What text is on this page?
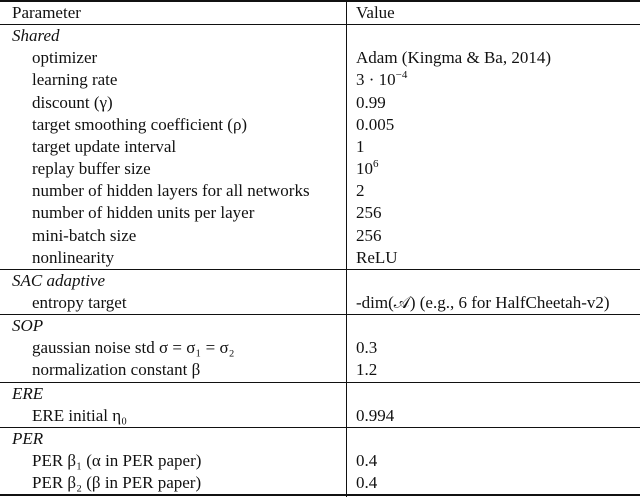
Parameter	Value
Shared
optimizer	Adam (Kingma & Ba, 2014)
learning rate	$3 \cdot 10^{-4}$
discount (γ)	0.99
target smoothing coefficient (ρ)	0.005
target update interval	1
replay buffer size	$10^6$
number of hidden layers for all networks	2
number of hidden units per layer	256
mini-batch size	256
nonlinearity	ReLU
SAC adaptive
entropy target	-dim(𝒜) (e.g., 6 for HalfCheetah-v2)
SOP
gaussian noise std σ = σ₁ = σ₂	0.3
normalization constant β	1.2
ERE
ERE initial η₀	0.994
PER
PER β₁ (α in PER paper)	0.4
PER β₂ (β in PER paper)	0.4
